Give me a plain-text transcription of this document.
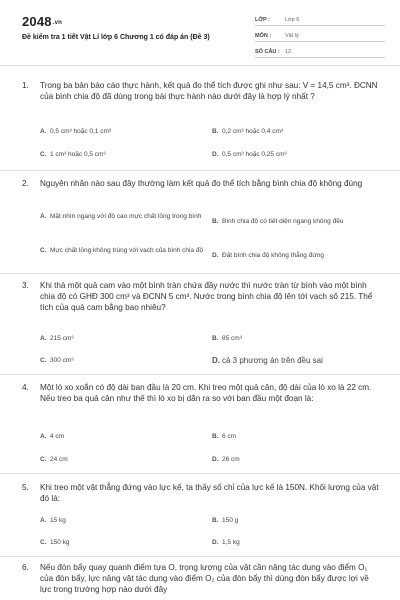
2048.vn
Đề kiểm tra 1 tiết Vật Lí lớp 6 Chương 1 có đáp án (Đề 3)
LỚP :	Lớp 6
MÔN :	Vật lý
SỐ CÂU : 12
1.	Trong ba bản báo cáo thực hành, kết quả đo thể tích được ghi như sau: V = 14,5 cm³. ĐCNN của bình chia độ đã dùng trong bài thực hành nào dưới đây là hợp lý nhất ?
A. 0,5 cm³ hoặc 0,1 cm³	B. 0,2 cm³ hoặc 0,4 cm³
C. 1 cm³ hoặc 0,5 cm³	D. 0,5 cm³ hoặc 0,25 cm³
2.	Nguyên nhân nào sau đây thường làm kết quả đo thể tích bằng bình chia độ không đúng
A. Mặt nhìn ngang với độ cao mực chất lỏng trong bình
B. Bình chia độ có tiết diện ngang không đều
C. Mực chất lỏng không trùng với vạch của bình chia độ
D. Đặt bình chia độ không thẳng đứng
3.	Khi thả một quả cam vào một bình tràn chứa đầy nước thì nước tràn từ bình vào một bình chia độ có GHĐ 300 cm³ và ĐCNN 5 cm³. Nước trong bình chia độ lên tới vạch số 215. Thể tích của quả cam bằng bao nhiêu?
A. 215 cm³	B. 85 cm³
C. 300 cm³	D. cả 3 phương án trên đều sai
4.	Một lò xo xoắn có độ dài ban đầu là 20 cm. Khi treo một quả cân, độ dài của lò xo là 22 cm. Nếu treo ba quả cân như thế thì lò xo bị dãn ra so với ban đầu một đoạn là:
A. 4 cm	B. 6 cm
C. 24 cm	D. 26 cm
5.	Khi treo một vật thẳng đứng vào lực kế, ta thấy số chỉ của lực kế là 150N. Khối lượng của vật đó là:
A. 15 kg	B. 150 g
C. 150 kg	D. 1,5 kg
6.	Nếu đòn bẩy quay quanh điểm tựa O, trọng lượng của vật cần nâng tác dụng vào điểm O₁ của đòn bẩy, lực nâng vật tác dụng vào điểm O₂ của đòn bẩy thì dùng đòn bẩy được lợi về lực trong trường hợp nào dưới đây
